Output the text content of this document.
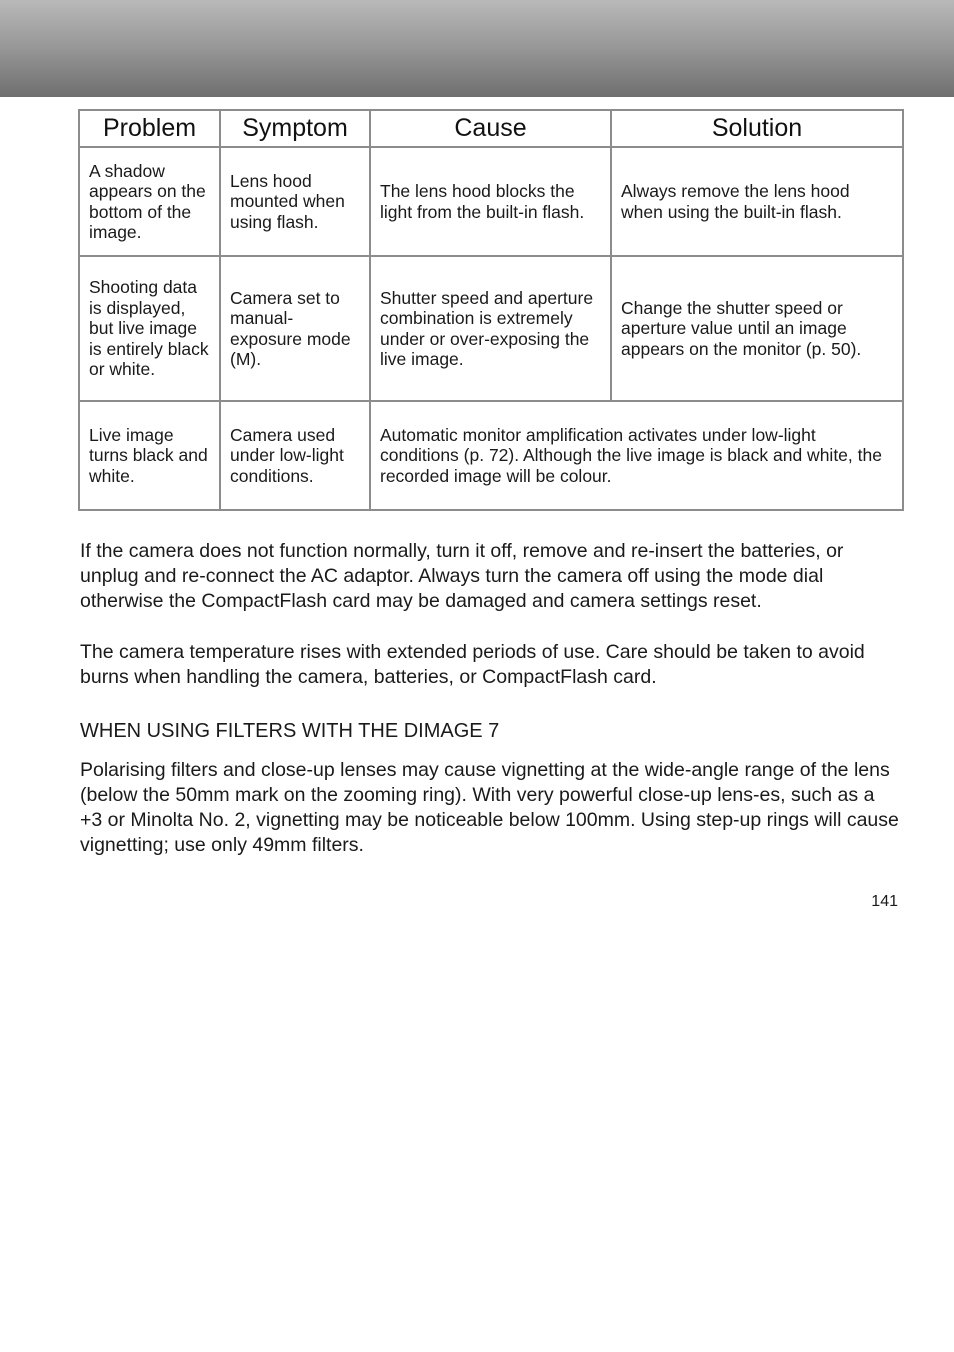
Problem	Symptom	Cause	Solution
A shadow appears on the bottom of the image.	Lens hood mounted when using flash.	The lens hood blocks the light from the built-in flash.	Always remove the lens hood when using the built-in flash.
Shooting data is displayed, but live image is entirely black or white.	Camera set to manual-exposure mode (M).	Shutter speed and aperture combination is extremely under or over-exposing the live image.	Change the shutter speed or aperture value until an image appears on the monitor (p. 50).
Live image turns black and white.	Camera used under low-light conditions.	Automatic monitor amplification activates under low-light conditions (p. 72). Although the live image is black and white, the recorded image will be colour.	

If the camera does not function normally, turn it off, remove and re-insert the batteries, or unplug and re-connect the AC adaptor. Always turn the camera off using the mode dial otherwise the CompactFlash card may be damaged and camera settings reset.

The camera temperature rises with extended periods of use. Care should be taken to avoid burns when handling the camera, batteries, or CompactFlash card.

WHEN USING FILTERS WITH THE DIMAGE 7

Polarising filters and close-up lenses may cause vignetting at the wide-angle range of the lens (below the 50mm mark on the zooming ring). With very powerful close-up lens-es, such as a +3 or Minolta No. 2, vignetting may be noticeable below 100mm. Using step-up rings will cause vignetting; use only 49mm filters.

141
